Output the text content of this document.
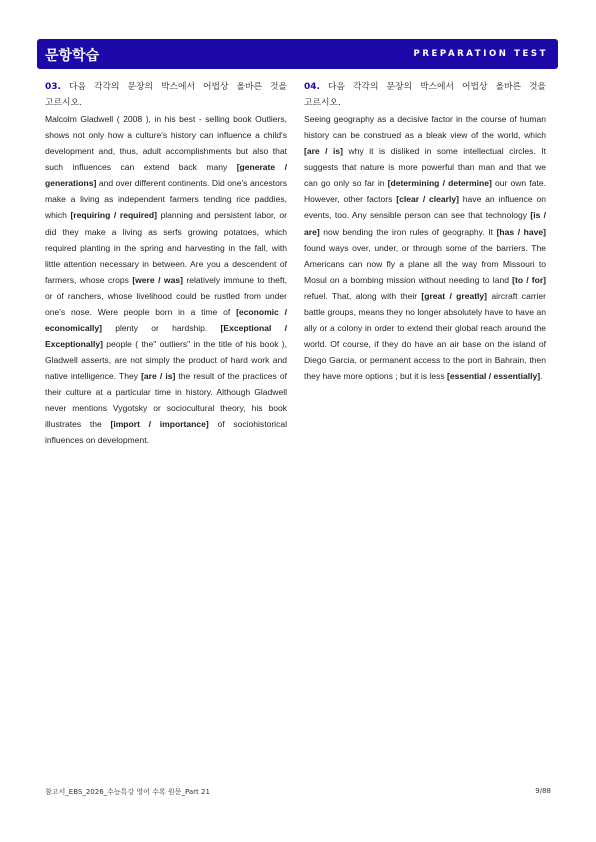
문항학습	PREPARATION TEST

03. 다음 각각의 문장의 박스에서 어법상 올바른 것을

고르시오.

Malcolm Gladwell ( 2008 ), in his best - selling book Outliers, shows not only how a culture's history can influence a child's development and, thus, adult accomplishments but also that such influences can extend back many [generate / generations] and over different continents. Did one's ancestors make a living as independent farmers tending rice paddies, which [requiring / required] planning and persistent labor, or did they make a living as serfs growing potatoes, which required planting in the spring and harvesting in the fall, with little attention necessary in between. Are you a descendent of farmers, whose crops [were / was] relatively immune to theft, or of ranchers, whose livelihood could be rustled from under one's nose. Were people born in a time of [economic / economically] plenty or hardship. [Exceptional / Exceptionally] people ( the" outliers" in the title of his book ), Gladwell asserts, are not simply the product of hard work and native intelligence. They [are / is] the result of the practices of their culture at a particular time in history. Although Gladwell never mentions Vygotsky or sociocultural theory, his book illustrates the [import / importance] of sociohistorical influences on development.

04. 다음 각각의 문장의 박스에서 어법상 올바른 것을

고르시오.

Seeing geography as a decisive factor in the course of human history can be construed as a bleak view of the world, which [are / is] why it is disliked in some intellectual circles. It suggests that nature is more powerful than man and that we can go only so far in [determining / determine] our own fate. However, other factors [clear / clearly] have an influence on events, too. Any sensible person can see that technology [is / are] now bending the iron rules of geography. It [has / have] found ways over, under, or through some of the barriers. The Americans can now fly a plane all the way from Missouri to Mosul on a bombing mission without needing to land [to / for] refuel. That, along with their [great / greatly] aircraft carrier battle groups, means they no longer absolutely have to have an ally or a colony in order to extend their global reach around the world. Of course, if they do have an air base on the island of Diego Garcia, or permanent access to the port in Bahrain, then they have more options ; but it is less [essential / essentially].

참고서_EBS_2026_수능특강 영어 수록 원문_Part 21	9/88
